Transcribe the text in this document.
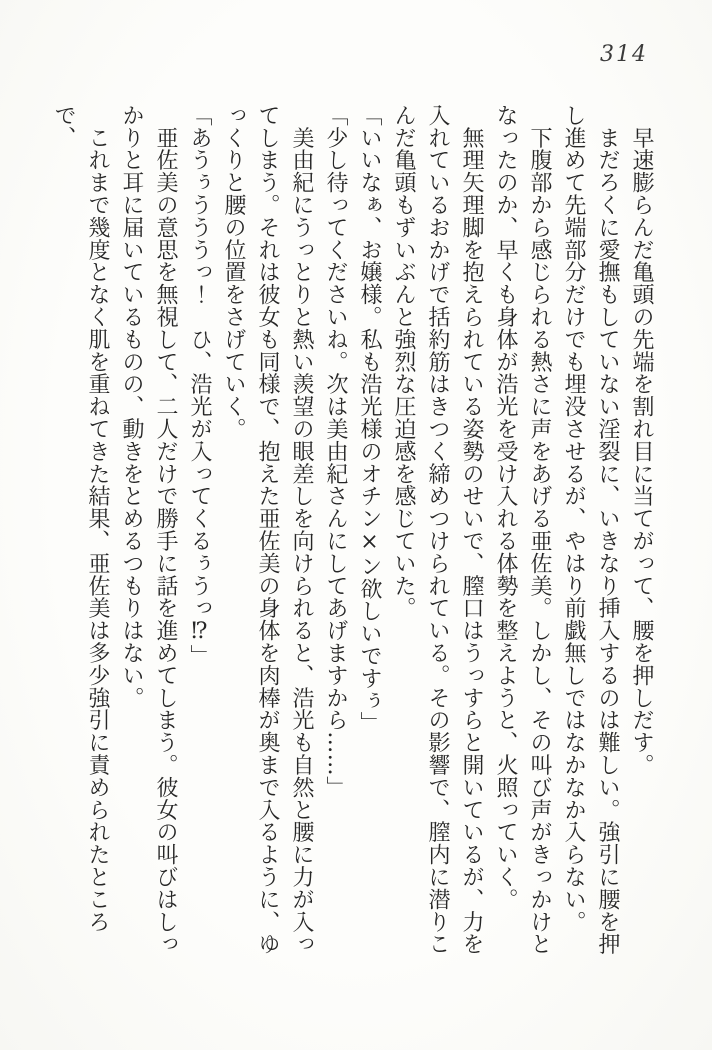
314

　早速膨らんだ亀頭の先端を割れ目に当てがって、腰を押しだす。

　まだろくに愛撫もしていない淫裂に、いきなり挿入するのは難しい。強引に腰を押し進めて先端部分だけでも埋没させるが、やはり前戯無しではなかなか入らない。

　下腹部から感じられる熱さに声をあげる亜佐美。しかし、その叫び声がきっかけとなったのか、早くも身体が浩光を受け入れる体勢を整えようと、火照っていく。

　無理矢理脚を抱えられている姿勢のせいで、膣口はうっすらと開いているが、力を入れているおかげで括約筋はきつく締めつけられている。その影響で、膣内に潜りこんだ亀頭もずいぶんと強烈な圧迫感を感じていた。

「いいなぁ、お嬢様。私も浩光様のオチン×ン欲しいですぅ」

「少し待ってくださいね。次は美由紀さんにしてあげますから……」

　美由紀にうっとりと熱い羨望の眼差しを向けられると、浩光も自然と腰に力が入ってしまう。それは彼女も同様で、抱えた亜佐美の身体を肉棒が奥まで入るように、ゆっくりと腰の位置をさげていく。

「あうぅうううっ！　ひ、浩光が入ってくるぅうっ⁉」

　亜佐美の意思を無視して、二人だけで勝手に話を進めてしまう。彼女の叫びはしっかりと耳に届いているものの、動きをとめるつもりはない。

　これまで幾度となく肌を重ねてきた結果、亜佐美は多少強引に責められたところで、
